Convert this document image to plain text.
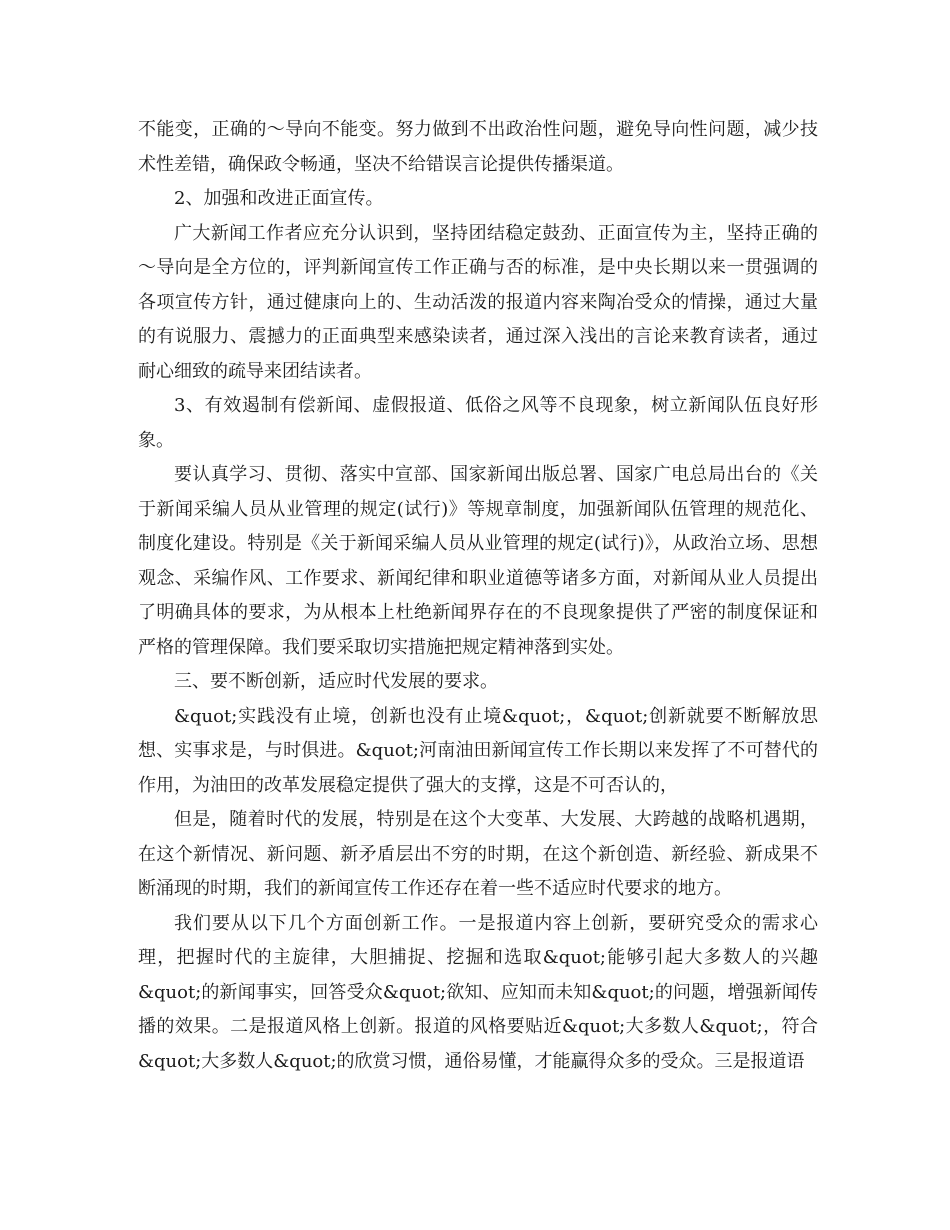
不能变，正确的～导向不能变。努力做到不出政治性问题，避免导向性问题，减少技术性差错，确保政令畅通，坚决不给错误言论提供传播渠道。

2、加强和改进正面宣传。

广大新闻工作者应充分认识到，坚持团结稳定鼓劲、正面宣传为主，坚持正确的～导向是全方位的，评判新闻宣传工作正确与否的标准，是中央长期以来一贯强调的各项宣传方针，通过健康向上的、生动活泼的报道内容来陶冶受众的情操，通过大量的有说服力、震撼力的正面典型来感染读者，通过深入浅出的言论来教育读者，通过耐心细致的疏导来团结读者。

3、有效遏制有偿新闻、虚假报道、低俗之风等不良现象，树立新闻队伍良好形象。

要认真学习、贯彻、落实中宣部、国家新闻出版总署、国家广电总局出台的《关于新闻采编人员从业管理的规定(试行)》等规章制度，加强新闻队伍管理的规范化、制度化建设。特别是《关于新闻采编人员从业管理的规定(试行)》，从政治立场、思想观念、采编作风、工作要求、新闻纪律和职业道德等诸多方面，对新闻从业人员提出了明确具体的要求，为从根本上杜绝新闻界存在的不良现象提供了严密的制度保证和严格的管理保障。我们要采取切实措施把规定精神落到实处。

三、要不断创新，适应时代发展的要求。

&quot;实践没有止境，创新也没有止境&quot;，&quot;创新就要不断解放思想、实事求是，与时俱进。&quot;河南油田新闻宣传工作长期以来发挥了不可替代的作用，为油田的改革发展稳定提供了强大的支撑，这是不可否认的，

但是，随着时代的发展，特别是在这个大变革、大发展、大跨越的战略机遇期，在这个新情况、新问题、新矛盾层出不穷的时期，在这个新创造、新经验、新成果不断涌现的时期，我们的新闻宣传工作还存在着一些不适应时代要求的地方。

我们要从以下几个方面创新工作。一是报道内容上创新，要研究受众的需求心理，把握时代的主旋律，大胆捕捉、挖掘和选取&quot;能够引起大多数人的兴趣&quot;的新闻事实，回答受众&quot;欲知、应知而未知&quot;的问题，增强新闻传播的效果。二是报道风格上创新。报道的风格要贴近&quot;大多数人&quot;，符合&quot;大多数人&quot;的欣赏习惯，通俗易懂，才能赢得众多的受众。三是报道语
